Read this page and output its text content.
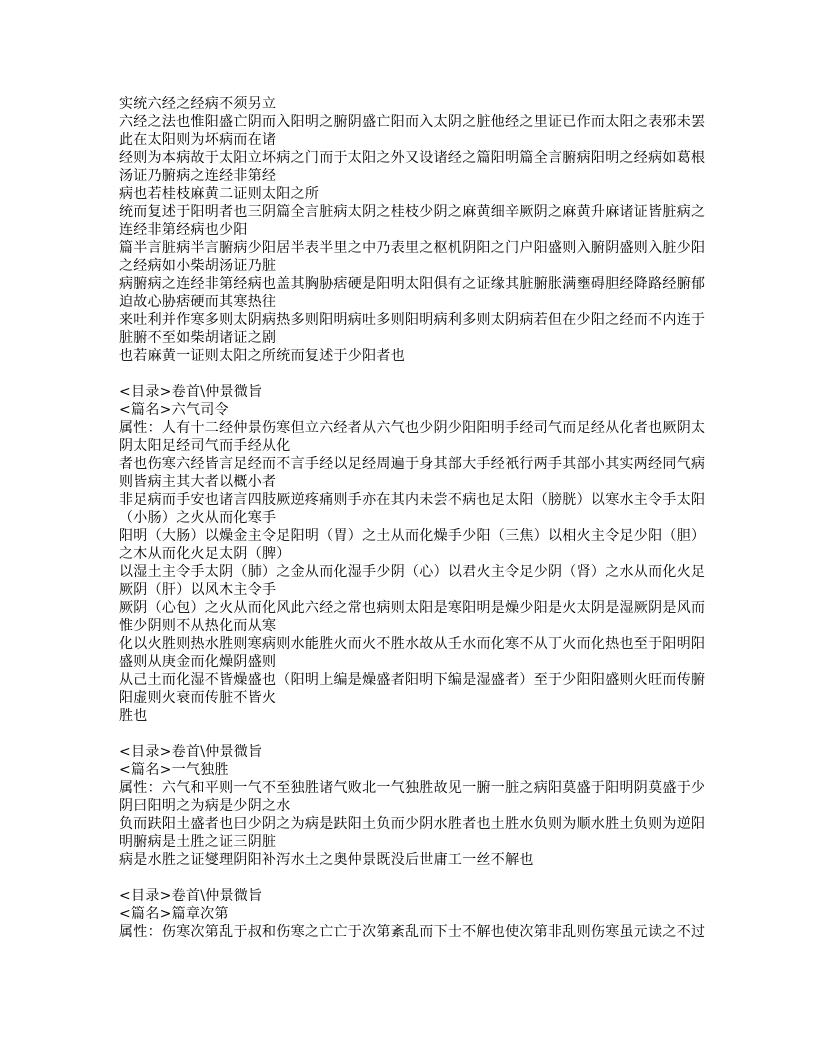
实统六经之经病不须另立
六经之法也惟阳盛亡阴而入阳明之腑阴盛亡阳而入太阴之脏他经之里证已作而太阳之表邪未罢
此在太阳则为坏病而在诸
经则为本病故于太阳立坏病之门而于太阳之外又设诸经之篇阳明篇全言腑病阳明之经病如葛根
汤证乃腑病之连经非第经
病也若桂枝麻黄二证则太阳之所
统而复述于阳明者也三阴篇全言脏病太阴之桂枝少阴之麻黄细辛厥阴之麻黄升麻诸证皆脏病之
连经非第经病也少阳
篇半言脏病半言腑病少阳居半表半里之中乃表里之枢机阴阳之门户阳盛则入腑阴盛则入脏少阳
之经病如小柴胡汤证乃脏
病腑病之连经非第经病也盖其胸胁痞硬是阳明太阳俱有之证缘其脏腑胀满壅碍胆经降路经腑郁
迫故心胁痞硬而其寒热往
来吐利并作寒多则太阴病热多则阳明病吐多则阳明病利多则太阴病若但在少阳之经而不内连于
脏腑不至如柴胡诸证之剧
也若麻黄一证则太阳之所统而复述于少阳者也
<目录>卷首\仲景微旨
<篇名>六气司令
属性：人有十二经仲景伤寒但立六经者从六气也少阴少阳阳明手经司气而足经从化者也厥阴太
阴太阳足经司气而手经从化
者也伤寒六经皆言足经而不言手经以足经周遍于身其部大手经衹行两手其部小其实两经同气病
则皆病主其大者以概小者
非足病而手安也诸言四肢厥逆疼痛则手亦在其内未尝不病也足太阳（膀胱）以寒水主令手太阳
（小肠）之火从而化寒手
阳明（大肠）以燥金主令足阳明（胃）之土从而化燥手少阳（三焦）以相火主令足少阳（胆）
之木从而化火足太阴（脾）
以湿土主令手太阴（肺）之金从而化湿手少阴（心）以君火主令足少阴（肾）之水从而化火足
厥阴（肝）以风木主令手
厥阴（心包）之火从而化风此六经之常也病则太阳是寒阳明是燥少阳是火太阴是湿厥阴是风而
惟少阴则不从热化而从寒
化以火胜则热水胜则寒病则水能胜火而火不胜水故从壬水而化寒不从丁火而化热也至于阳明阳
盛则从庚金而化燥阴盛则
从己土而化湿不皆燥盛也（阳明上编是燥盛者阳明下编是湿盛者）至于少阳阳盛则火旺而传腑
阳虚则火衰而传脏不皆火
胜也
<目录>卷首\仲景微旨
<篇名>一气独胜
属性：六气和平则一气不至独胜诸气败北一气独胜故见一腑一脏之病阳莫盛于阳明阴莫盛于少
阴曰阳明之为病是少阴之水
负而趺阳土盛者也曰少阴之为病是趺阳土负而少阴水胜者也土胜水负则为顺水胜土负则为逆阳
明腑病是土胜之证三阴脏
病是水胜之证燮理阴阳补泻水土之奥仲景既没后世庸工一丝不解也
<目录>卷首\仲景微旨
<篇名>篇章次第
属性：伤寒次第乱于叔和伤寒之亡亡于次第紊乱而下士不解也使次第非乱则伤寒虽元读之不过
